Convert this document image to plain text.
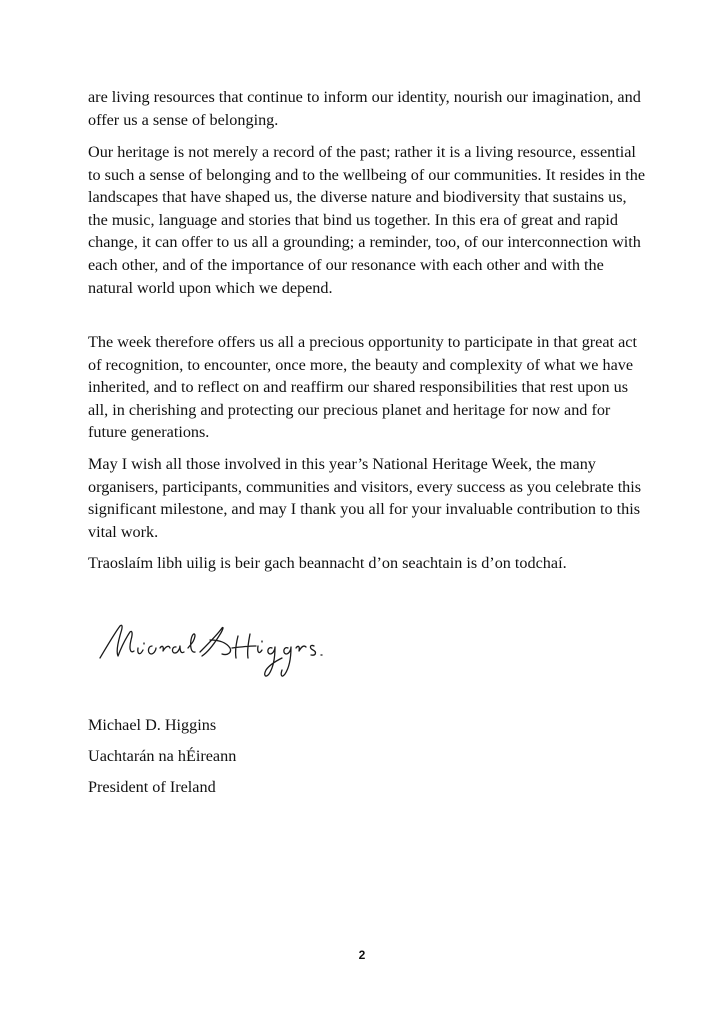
are living resources that continue to inform our identity, nourish our imagination, and offer us a sense of belonging.

Our heritage is not merely a record of the past; rather it is a living resource, essential to such a sense of belonging and to the wellbeing of our communities. It resides in the landscapes that have shaped us, the diverse nature and biodiversity that sustains us, the music, language and stories that bind us together. In this era of great and rapid change, it can offer to us all a grounding; a reminder, too, of our interconnection with each other, and of the importance of our resonance with each other and with the natural world upon which we depend.

The week therefore offers us all a precious opportunity to participate in that great act of recognition, to encounter, once more, the beauty and complexity of what we have inherited, and to reflect on and reaffirm our shared responsibilities that rest upon us all, in cherishing and protecting our precious planet and heritage for now and for future generations.

May I wish all those involved in this year’s National Heritage Week, the many organisers, participants, communities and visitors, every success as you celebrate this significant milestone, and may I thank you all for your invaluable contribution to this vital work.

Traoslaím libh uilig is beir gach beannacht d’on seachtain is d’on todchaí.

Michael D. Higgins

Uachtarán na hÉireann

President of Ireland

2
